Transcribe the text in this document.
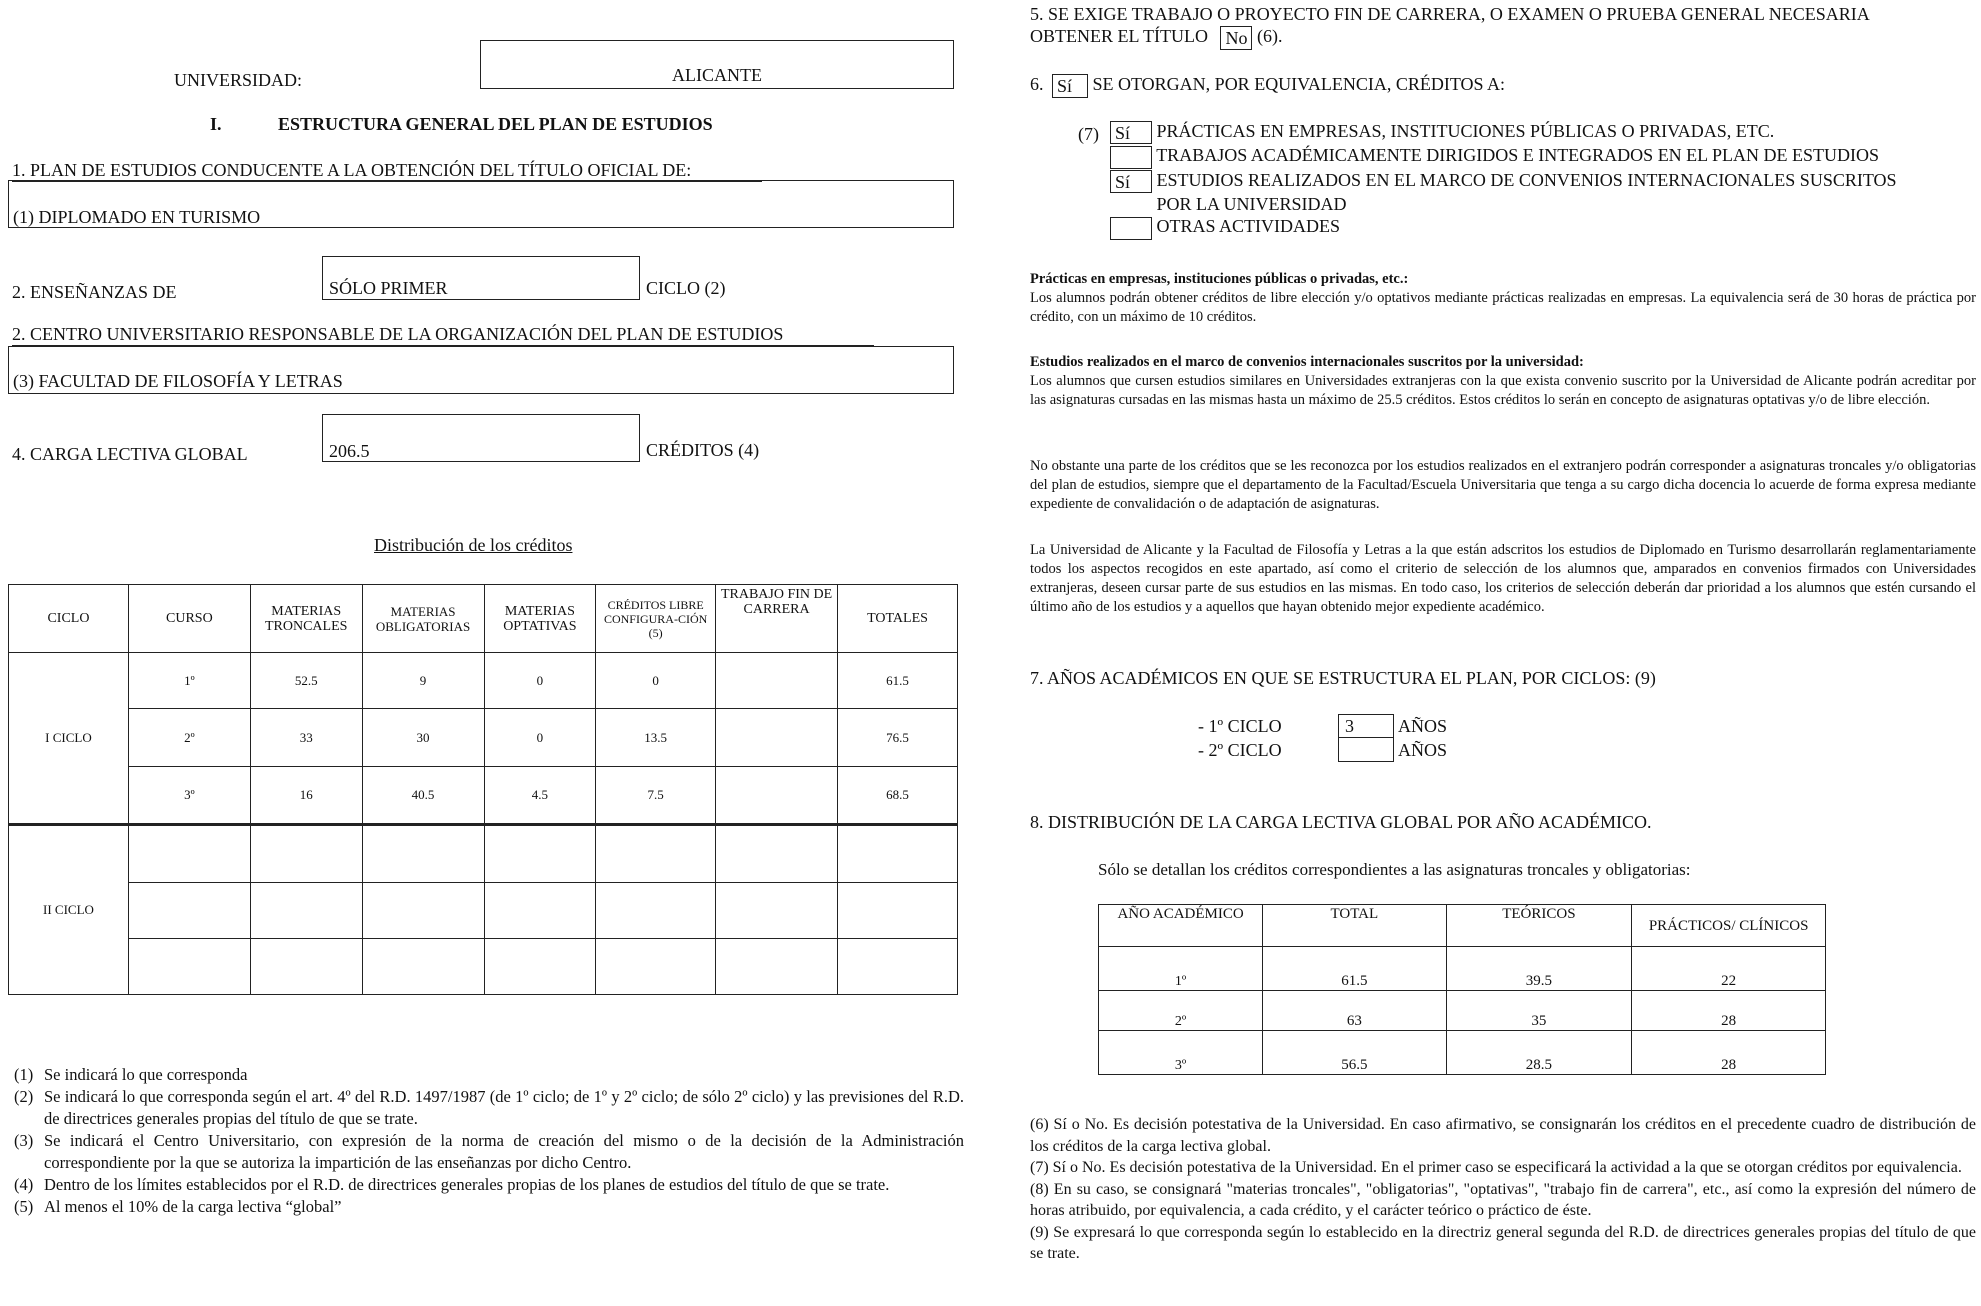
UNIVERSIDAD:	ALICANTE
I.	ESTRUCTURA GENERAL DEL PLAN DE ESTUDIOS
1. PLAN DE ESTUDIOS CONDUCENTE A LA OBTENCIÓN DEL TÍTULO OFICIAL DE:
(1) DIPLOMADO EN TURISMO
2. ENSEÑANZAS DE	SÓLO PRIMER	CICLO (2)
2. CENTRO UNIVERSITARIO RESPONSABLE DE LA ORGANIZACIÓN DEL PLAN DE ESTUDIOS
(3) FACULTAD DE FILOSOFÍA Y LETRAS
4. CARGA LECTIVA GLOBAL	206.5	CRÉDITOS (4)
Distribución de los créditos
CICLO	CURSO	MATERIAS TRONCALES	MATERIAS OBLIGATORIAS	MATERIAS OPTATIVAS	CRÉDITOS LIBRE CONFIGURA-CIÓN (5)	TRABAJO FIN DE CARRERA	TOTALES
I CICLO	1º	52.5	9	0	0		61.5
	2º	33	30	0	13.5		76.5
	3º	16	40.5	4.5	7.5		68.5
II CICLO							

(1) Se indicará lo que corresponda
(2) Se indicará lo que corresponda según el art. 4º del R.D. 1497/1987 (de 1º ciclo; de 1º y 2º ciclo; de sólo 2º ciclo) y las previsiones del R.D. de directrices generales propias del título de que se trate.
(3) Se indicará el Centro Universitario, con expresión de la norma de creación del mismo o de la decisión de la Administración correspondiente por la que se autoriza la impartición de las enseñanzas por dicho Centro.
(4) Dentro de los límites establecidos por el R.D. de directrices generales propias de los planes de estudios del título de que se trate.
(5) Al menos el 10% de la carga lectiva “global”
5. SE EXIGE TRABAJO O PROYECTO FIN DE CARRERA, O EXAMEN O PRUEBA GENERAL NECESARIA
OBTENER EL TÍTULO No (6).
6. Sí SE OTORGAN, POR EQUIVALENCIA, CRÉDITOS A:
(7) Sí PRÁCTICAS EN EMPRESAS, INSTITUCIONES PÚBLICAS O PRIVADAS, ETC.
TRABAJOS ACADÉMICAMENTE DIRIGIDOS E INTEGRADOS EN EL PLAN DE ESTUDIOS
Sí ESTUDIOS REALIZADOS EN EL MARCO DE CONVENIOS INTERNACIONALES SUSCRITOS
POR LA UNIVERSIDAD
OTRAS ACTIVIDADES
Prácticas en empresas, instituciones públicas o privadas, etc.:
Los alumnos podrán obtener créditos de libre elección y/o optativos mediante prácticas realizadas en empresas. La equivalencia será de 30 horas de práctica por crédito, con un máximo de 10 créditos.
Estudios realizados en el marco de convenios internacionales suscritos por la universidad:
Los alumnos que cursen estudios similares en Universidades extranjeras con la que exista convenio suscrito por la Universidad de Alicante podrán acreditar por las asignaturas cursadas en las mismas hasta un máximo de 25.5 créditos. Estos créditos lo serán en concepto de asignaturas optativas y/o de libre elección.
No obstante una parte de los créditos que se les reconozca por los estudios realizados en el extranjero podrán corresponder a asignaturas troncales y/o obligatorias del plan de estudios, siempre que el departamento de la Facultad/Escuela Universitaria que tenga a su cargo dicha docencia lo acuerde de forma expresa mediante expediente de convalidación o de adaptación de asignaturas.
La Universidad de Alicante y la Facultad de Filosofía y Letras a la que están adscritos los estudios de Diplomado en Turismo desarrollarán reglamentariamente todos los aspectos recogidos en este apartado, así como el criterio de selección de los alumnos que, amparados en convenios firmados con Universidades extranjeras, deseen cursar parte de sus estudios en las mismas. En todo caso, los criterios de selección deberán dar prioridad a los alumnos que estén cursando el último año de los estudios y a aquellos que hayan obtenido mejor expediente académico.
7. AÑOS ACADÉMICOS EN QUE SE ESTRUCTURA EL PLAN, POR CICLOS: (9)
- 1º CICLO	3 AÑOS
- 2º CICLO	AÑOS
8. DISTRIBUCIÓN DE LA CARGA LECTIVA GLOBAL POR AÑO ACADÉMICO.
Sólo se detallan los créditos correspondientes a las asignaturas troncales y obligatorias:
AÑO ACADÉMICO	TOTAL	TEÓRICOS	PRÁCTICOS/ CLÍNICOS
1º	61.5	39.5	22
2º	63	35	28
3º	56.5	28.5	28
(6) Sí o No. Es decisión potestativa de la Universidad. En caso afirmativo, se consignarán los créditos en el precedente cuadro de distribución de los créditos de la carga lectiva global.
(7) Sí o No. Es decisión potestativa de la Universidad. En el primer caso se especificará la actividad a la que se otorgan créditos por equivalencia.
(8) En su caso, se consignará "materias troncales", "obligatorias", "optativas", "trabajo fin de carrera", etc., así como la expresión del número de horas atribuido, por equivalencia, a cada crédito, y el carácter teórico o práctico de éste.
(9) Se expresará lo que corresponda según lo establecido en la directriz general segunda del R.D. de directrices generales propias del título de que se trate.
